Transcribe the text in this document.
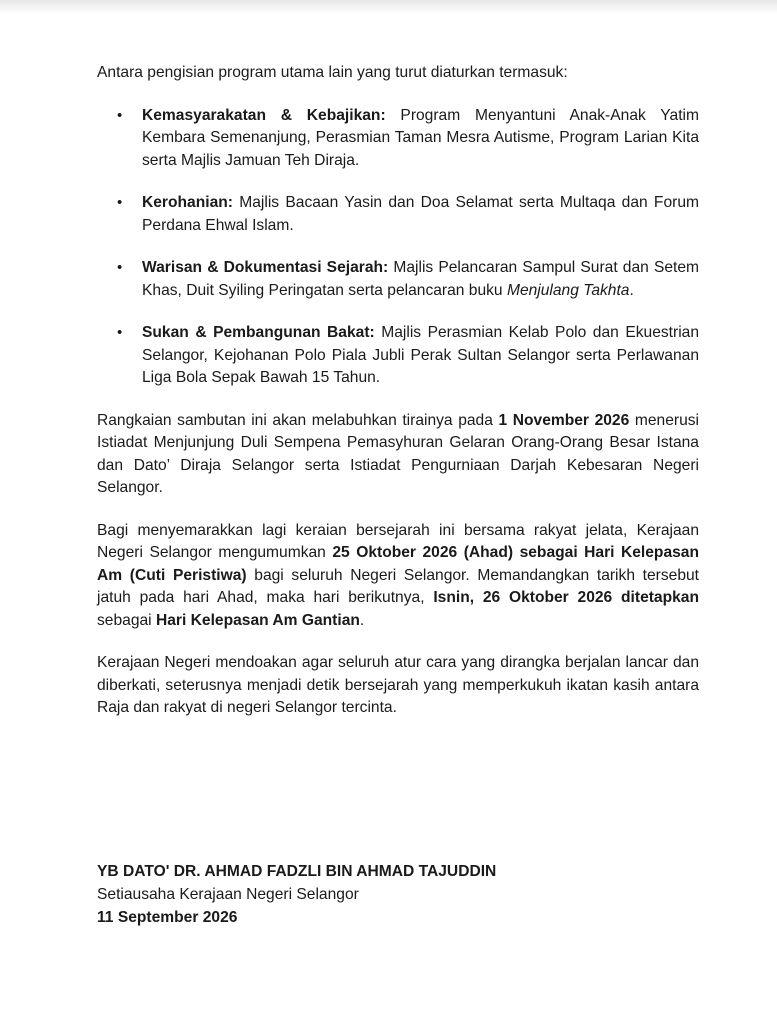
Antara pengisian program utama lain yang turut diaturkan termasuk:

• Kemasyarakatan & Kebajikan: Program Menyantuni Anak-Anak Yatim Kembara Semenanjung, Perasmian Taman Mesra Autisme, Program Larian Kita serta Majlis Jamuan Teh Diraja.
• Kerohanian: Majlis Bacaan Yasin dan Doa Selamat serta Multaqa dan Forum Perdana Ehwal Islam.
• Warisan & Dokumentasi Sejarah: Majlis Pelancaran Sampul Surat dan Setem Khas, Duit Syiling Peringatan serta pelancaran buku Menjulang Takhta.
• Sukan & Pembangunan Bakat: Majlis Perasmian Kelab Polo dan Ekuestrian Selangor, Kejohanan Polo Piala Jubli Perak Sultan Selangor serta Perlawanan Liga Bola Sepak Bawah 15 Tahun.

Rangkaian sambutan ini akan melabuhkan tirainya pada 1 November 2026 menerusi Istiadat Menjunjung Duli Sempena Pemasyhuran Gelaran Orang-Orang Besar Istana dan Dato’ Diraja Selangor serta Istiadat Pengurniaan Darjah Kebesaran Negeri Selangor.

Bagi menyemarakkan lagi keraian bersejarah ini bersama rakyat jelata, Kerajaan Negeri Selangor mengumumkan 25 Oktober 2026 (Ahad) sebagai Hari Kelepasan Am (Cuti Peristiwa) bagi seluruh Negeri Selangor. Memandangkan tarikh tersebut jatuh pada hari Ahad, maka hari berikutnya, Isnin, 26 Oktober 2026 ditetapkan sebagai Hari Kelepasan Am Gantian.

Kerajaan Negeri mendoakan agar seluruh atur cara yang dirangka berjalan lancar dan diberkati, seterusnya menjadi detik bersejarah yang memperkukuh ikatan kasih antara Raja dan rakyat di negeri Selangor tercinta.

YB DATO' DR. AHMAD FADZLI BIN AHMAD TAJUDDIN
Setiausaha Kerajaan Negeri Selangor
11 September 2026
